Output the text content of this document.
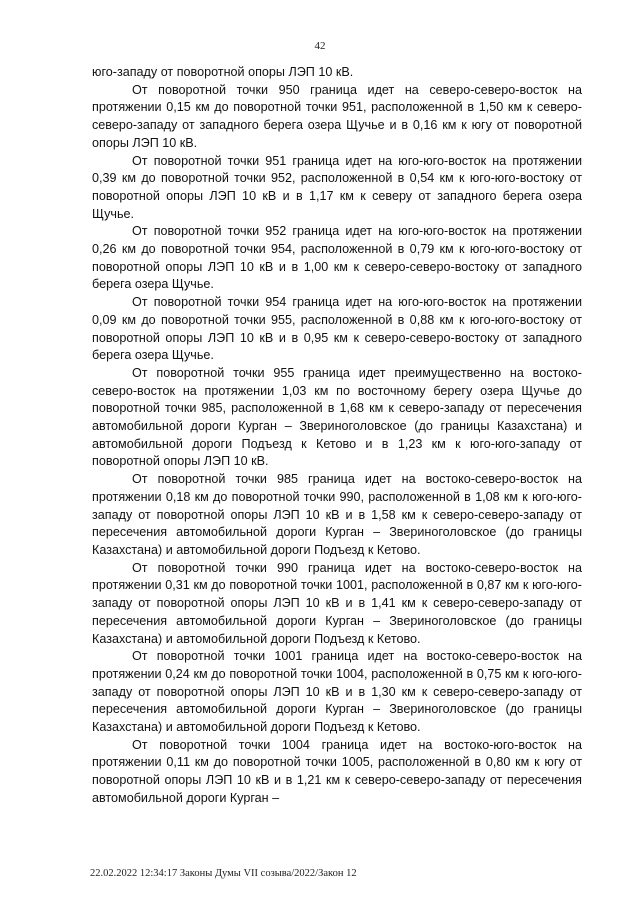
42

юго-западу от поворотной опоры ЛЭП 10 кВ.

От поворотной точки 950 граница идет на северо-северо-восток на протяжении 0,15 км до поворотной точки 951, расположенной в 1,50 км к северо-северо-западу от западного берега озера Щучье и в 0,16 км к югу от поворотной опоры ЛЭП 10 кВ.

От поворотной точки 951 граница идет на юго-юго-восток на протяжении 0,39 км до поворотной точки 952, расположенной в 0,54 км к юго-юго-востоку от поворотной опоры ЛЭП 10 кВ и в 1,17 км к северу от западного берега озера Щучье.

От поворотной точки 952 граница идет на юго-юго-восток на протяжении 0,26 км до поворотной точки 954, расположенной в 0,79 км к юго-юго-востоку от поворотной опоры ЛЭП 10 кВ и в 1,00 км к северо-северо-востоку от западного берега озера Щучье.

От поворотной точки 954 граница идет на юго-юго-восток на протяжении 0,09 км до поворотной точки 955, расположенной в 0,88 км к юго-юго-востоку от поворотной опоры ЛЭП 10 кВ и в 0,95 км к северо-северо-востоку от западного берега озера Щучье.

От поворотной точки 955 граница идет преимущественно на востоко-северо-восток на протяжении 1,03 км по восточному берегу озера Щучье до поворотной точки 985, расположенной в 1,68 км к северо-западу от пересечения автомобильной дороги Курган – Звериноголовское (до границы Казахстана) и автомобильной дороги Подъезд к Кетово и в 1,23 км к юго-юго-западу от поворотной опоры ЛЭП 10 кВ.

От поворотной точки 985 граница идет на востоко-северо-восток на протяжении 0,18 км до поворотной точки 990, расположенной в 1,08 км к юго-юго-западу от поворотной опоры ЛЭП 10 кВ и в 1,58 км к северо-северо-западу от пересечения автомобильной дороги Курган – Звериноголовское (до границы Казахстана) и автомобильной дороги Подъезд к Кетово.

От поворотной точки 990 граница идет на востоко-северо-восток на протяжении 0,31 км до поворотной точки 1001, расположенной в 0,87 км к юго-юго-западу от поворотной опоры ЛЭП 10 кВ и в 1,41 км к северо-северо-западу от пересечения автомобильной дороги Курган – Звериноголовское (до границы Казахстана) и автомобильной дороги Подъезд к Кетово.

От поворотной точки 1001 граница идет на востоко-северо-восток на протяжении 0,24 км до поворотной точки 1004, расположенной в 0,75 км к юго-юго-западу от поворотной опоры ЛЭП 10 кВ и в 1,30 км к северо-северо-западу от пересечения автомобильной дороги Курган – Звериноголовское (до границы Казахстана) и автомобильной дороги Подъезд к Кетово.

От поворотной точки 1004 граница идет на востоко-юго-восток на протяжении 0,11 км до поворотной точки 1005, расположенной в 0,80 км к югу от поворотной опоры ЛЭП 10 кВ и в 1,21 км к северо-северо-западу от пересечения автомобильной дороги Курган –

22.02.2022 12:34:17 Законы Думы VII созыва/2022/Закон 12
